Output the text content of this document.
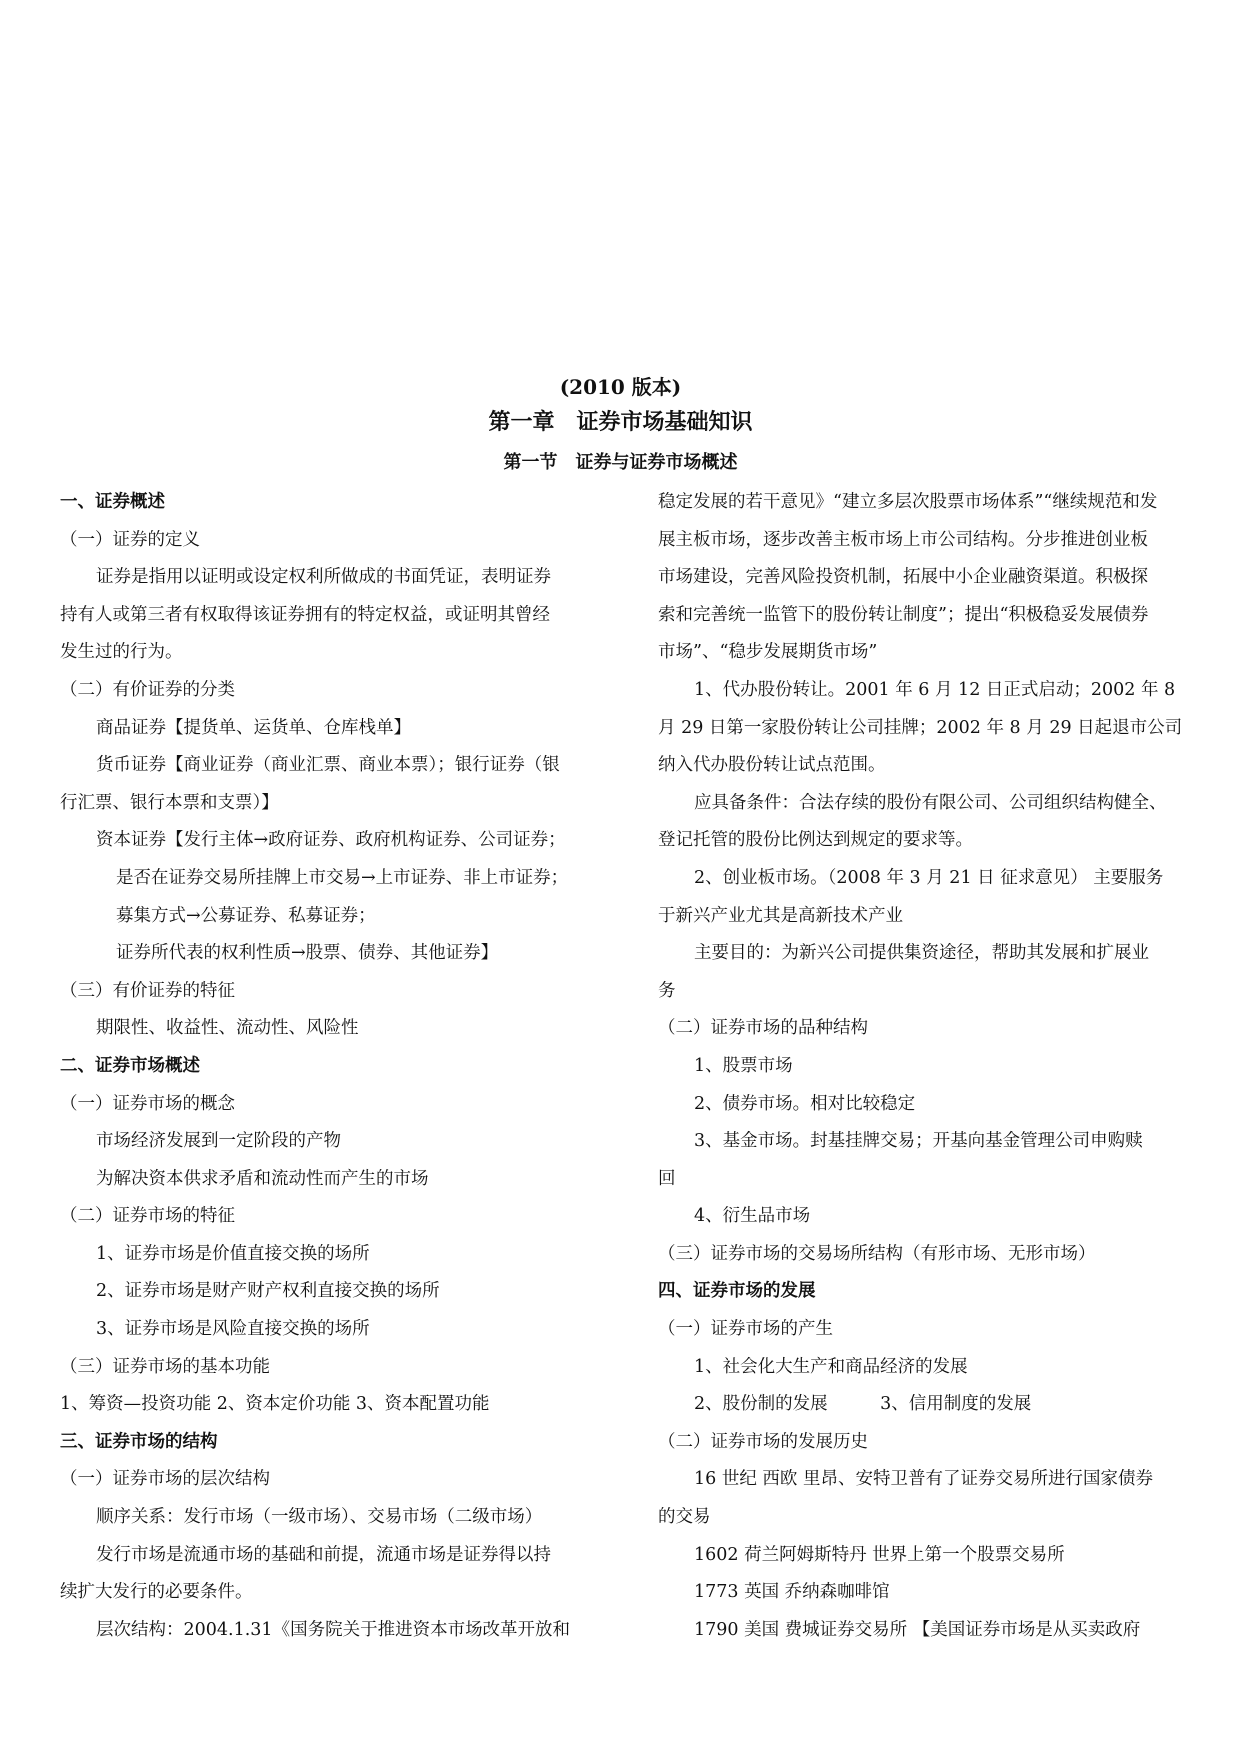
(2010 版本)
第一章　证券市场基础知识
第一节　证券与证券市场概述
一、证券概述
（一）证券的定义
证券是指用以证明或设定权利所做成的书面凭证，表明证券
持有人或第三者有权取得该证券拥有的特定权益，或证明其曾经
发生过的行为。
（二）有价证券的分类
商品证券【提货单、运货单、仓库栈单】
货币证券【商业证券（商业汇票、商业本票）；银行证券（银
行汇票、银行本票和支票）】
资本证券【发行主体→政府证券、政府机构证券、公司证券；
是否在证券交易所挂牌上市交易→上市证券、非上市证券；
募集方式→公募证券、私募证券；
证券所代表的权利性质→股票、债券、其他证券】
（三）有价证券的特征
期限性、收益性、流动性、风险性
二、证券市场概述
（一）证券市场的概念
市场经济发展到一定阶段的产物
为解决资本供求矛盾和流动性而产生的市场
（二）证券市场的特征
1、证券市场是价值直接交换的场所
2、证券市场是财产财产权利直接交换的场所
3、证券市场是风险直接交换的场所
（三）证券市场的基本功能
1、筹资—投资功能 2、资本定价功能 3、资本配置功能
三、证券市场的结构
（一）证券市场的层次结构
顺序关系：发行市场（一级市场）、交易市场（二级市场）
发行市场是流通市场的基础和前提，流通市场是证券得以持
续扩大发行的必要条件。
层次结构：2004.1.31《国务院关于推进资本市场改革开放和
稳定发展的若干意见》“建立多层次股票市场体系”“继续规范和发
展主板市场，逐步改善主板市场上市公司结构。分步推进创业板
市场建设，完善风险投资机制，拓展中小企业融资渠道。积极探
索和完善统一监管下的股份转让制度”；提出“积极稳妥发展债券
市场”、“稳步发展期货市场”
1、代办股份转让。2001 年 6 月 12 日正式启动；2002 年 8
月 29 日第一家股份转让公司挂牌；2002 年 8 月 29 日起退市公司
纳入代办股份转让试点范围。
应具备条件：合法存续的股份有限公司、公司组织结构健全、
登记托管的股份比例达到规定的要求等。
2、创业板市场。（2008 年 3 月 21 日 征求意见） 主要服务
于新兴产业尤其是高新技术产业
主要目的：为新兴公司提供集资途径，帮助其发展和扩展业
务
（二）证券市场的品种结构
1、股票市场
2、债券市场。相对比较稳定
3、基金市场。封基挂牌交易；开基向基金管理公司申购赎
回
4、衍生品市场
（三）证券市场的交易场所结构（有形市场、无形市场）
四、证券市场的发展
（一）证券市场的产生
1、社会化大生产和商品经济的发展
2、股份制的发展　　　3、信用制度的发展
（二）证券市场的发展历史
16 世纪 西欧 里昂、安特卫普有了证券交易所进行国家债券
的交易
1602 荷兰阿姆斯特丹 世界上第一个股票交易所
1773 英国 乔纳森咖啡馆
1790 美国 费城证券交易所 【美国证券市场是从买卖政府
